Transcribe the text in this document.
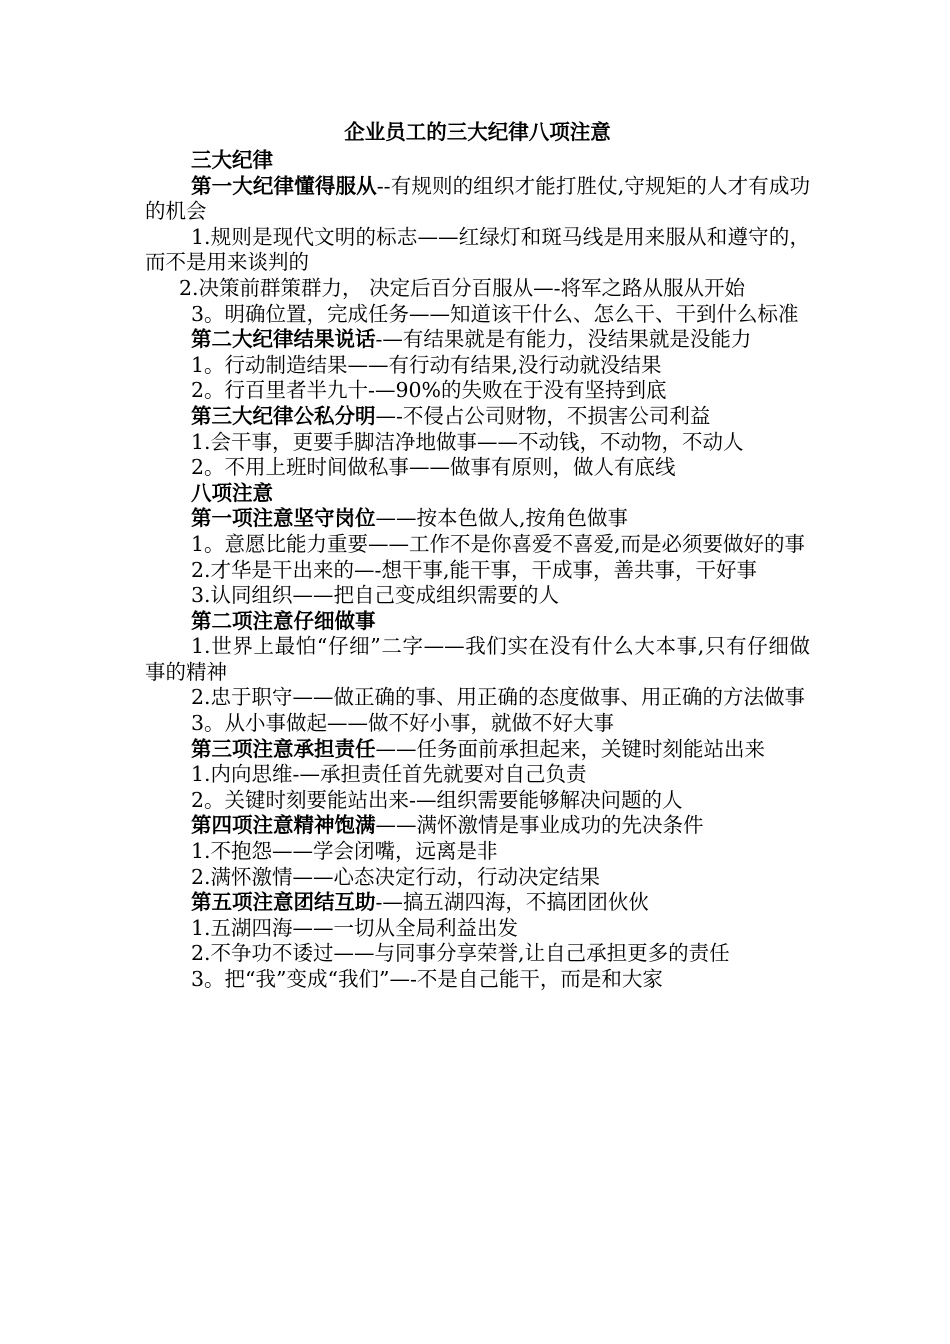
企业员工的三大纪律八项注意

三大纪律

第一大纪律懂得服从--有规则的组织才能打胜仗,守规矩的人才有成功的机会

1.规则是现代文明的标志——红绿灯和斑马线是用来服从和遵守的，而不是用来谈判的

2.决策前群策群力， 决定后百分百服从—-将军之路从服从开始

3。明确位置，完成任务——知道该干什么、怎么干、干到什么标准

第二大纪律结果说话-—有结果就是有能力，没结果就是没能力

1。行动制造结果——有行动有结果,没行动就没结果

2。行百里者半九十-—90%的失败在于没有坚持到底

第三大纪律公私分明—-不侵占公司财物，不损害公司利益

1.会干事，更要手脚洁净地做事——不动钱，不动物，不动人

2。不用上班时间做私事——做事有原则，做人有底线

八项注意

第一项注意坚守岗位——按本色做人,按角色做事

1。意愿比能力重要——工作不是你喜爱不喜爱,而是必须要做好的事

2.才华是干出来的—-想干事,能干事，干成事，善共事，干好事

3.认同组织——把自己变成组织需要的人

第二项注意仔细做事

1.世界上最怕“仔细”二字——我们实在没有什么大本事,只有仔细做事的精神

2.忠于职守——做正确的事、用正确的态度做事、用正确的方法做事

3。从小事做起——做不好小事，就做不好大事

第三项注意承担责任——任务面前承担起来，关键时刻能站出来

1.内向思维-—承担责任首先就要对自己负责

2。关键时刻要能站出来-—组织需要能够解决问题的人

第四项注意精神饱满——满怀激情是事业成功的先决条件

1.不抱怨——学会闭嘴，远离是非

2.满怀激情——心态决定行动，行动决定结果

第五项注意团结互助-—搞五湖四海，不搞团团伙伙

1.五湖四海——一切从全局利益出发

2.不争功不诿过——与同事分享荣誉,让自己承担更多的责任

3。把“我”变成“我们”—-不是自己能干，而是和大家
